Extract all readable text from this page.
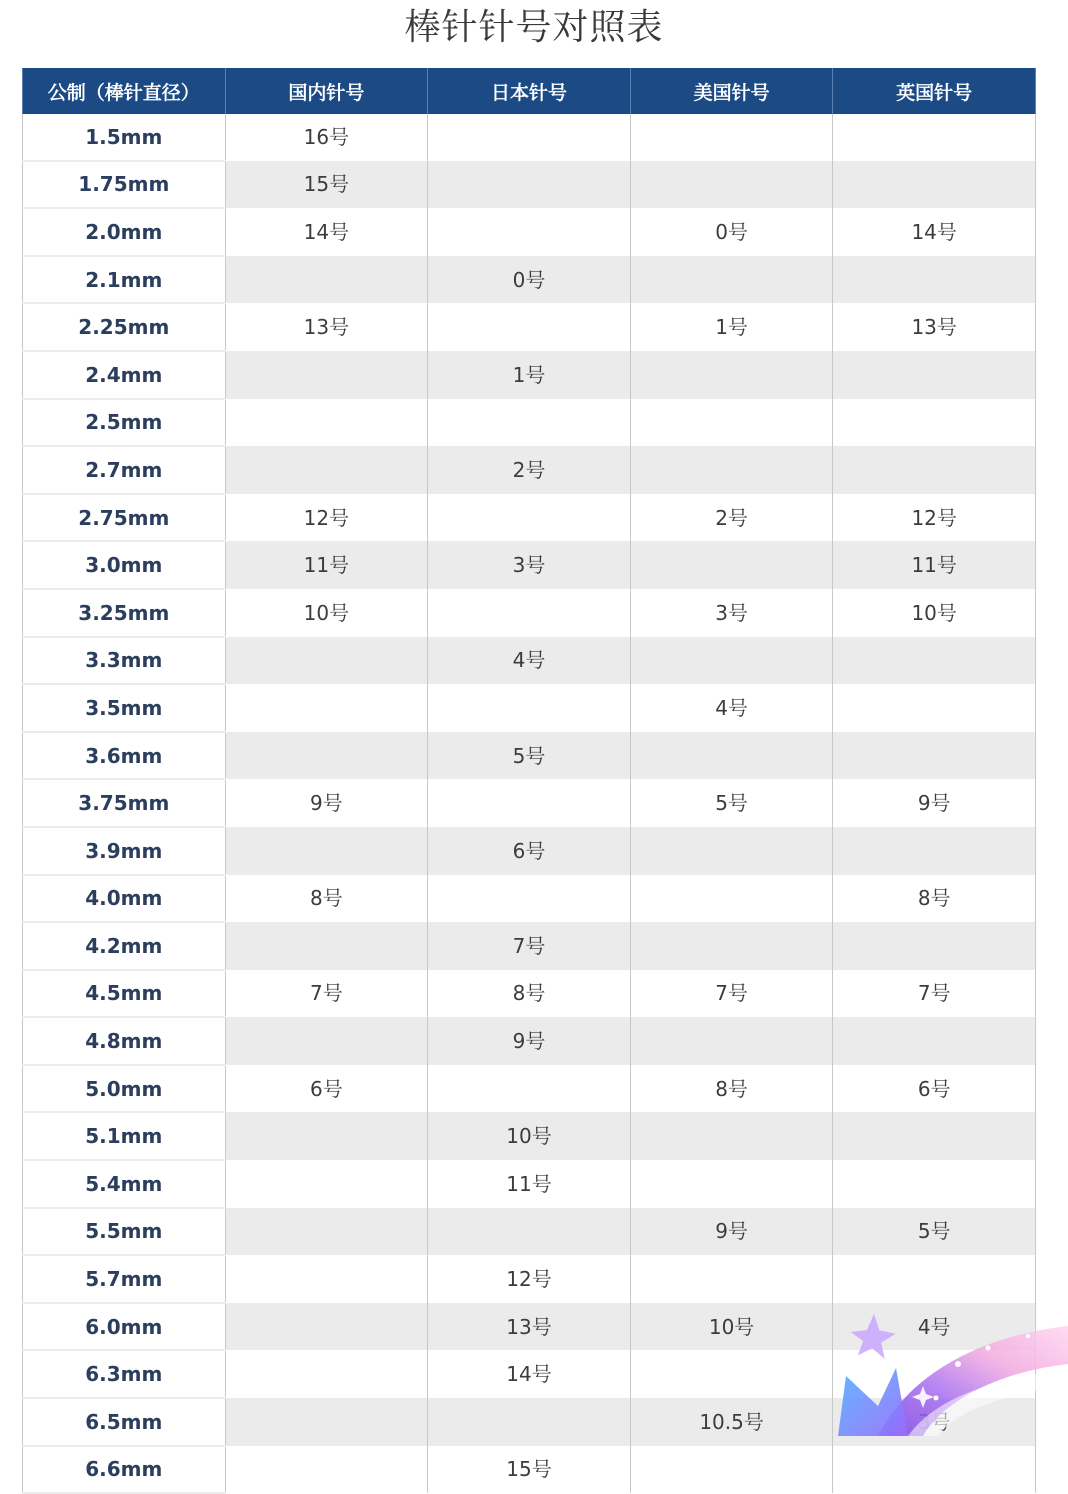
棒针针号对照表
公制（棒针直径）	国内针号	日本针号	美国针号	英国针号
1.5mm	16号			
1.75mm	15号			
2.0mm	14号		0号	14号
2.1mm		0号		
2.25mm	13号		1号	13号
2.4mm		1号		
2.5mm				
2.7mm		2号		
2.75mm	12号		2号	12号
3.0mm	11号	3号		11号
3.25mm	10号		3号	10号
3.3mm		4号		
3.5mm			4号	
3.6mm		5号		
3.75mm	9号		5号	9号
3.9mm		6号		
4.0mm	8号			8号
4.2mm		7号		
4.5mm	7号	8号	7号	7号
4.8mm		9号		
5.0mm	6号		8号	6号
5.1mm		10号		
5.4mm		11号		
5.5mm			9号	5号
5.7mm		12号		
6.0mm		13号	10号	4号
6.3mm		14号		
6.5mm			10.5号	
6.6mm		15号		
